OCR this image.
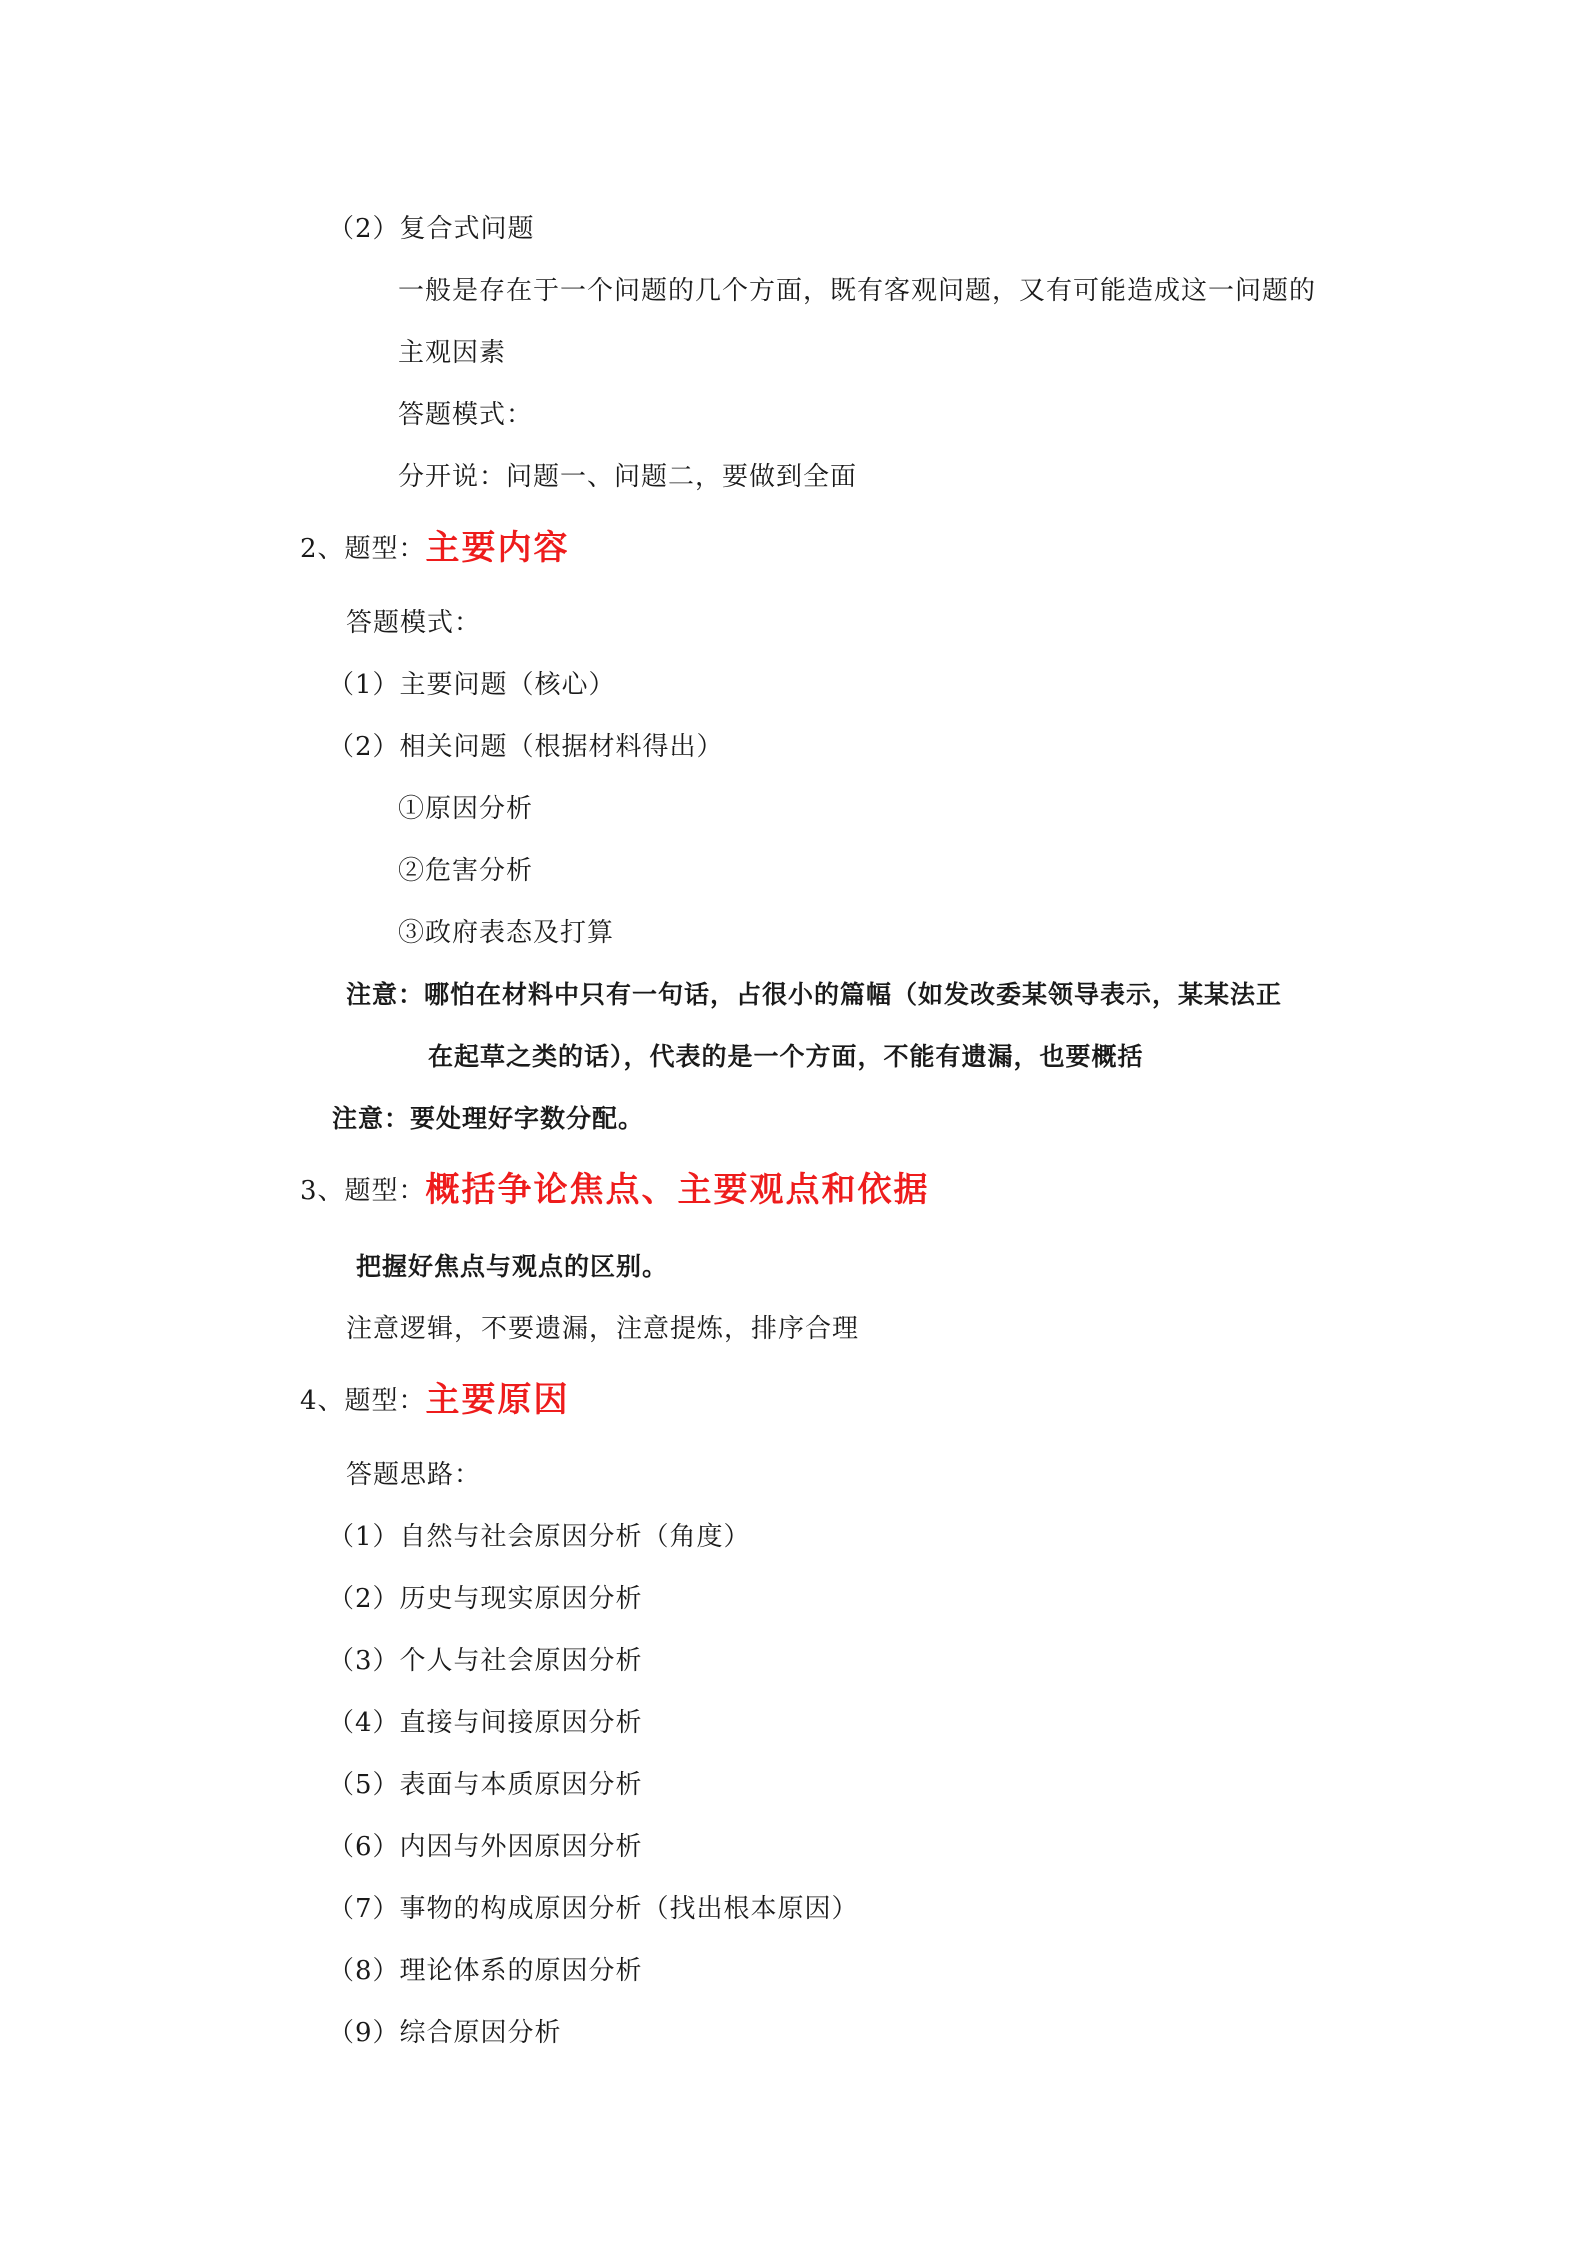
（2）复合式问题
一般是存在于一个问题的几个方面，既有客观问题，又有可能造成这一问题的
主观因素
答题模式：
分开说：问题一、问题二，要做到全面
2、题型：主要内容
答题模式：
（1）主要问题（核心）
（2）相关问题（根据材料得出）
①原因分析
②危害分析
③政府表态及打算
注意：哪怕在材料中只有一句话，占很小的篇幅（如发改委某领导表示，某某法正
在起草之类的话），代表的是一个方面，不能有遗漏，也要概括
注意：要处理好字数分配。
3、题型：概括争论焦点、主要观点和依据
把握好焦点与观点的区别。
注意逻辑，不要遗漏，注意提炼，排序合理
4、题型：主要原因
答题思路：
（1）自然与社会原因分析（角度）
（2）历史与现实原因分析
（3）个人与社会原因分析
（4）直接与间接原因分析
（5）表面与本质原因分析
（6）内因与外因原因分析
（7）事物的构成原因分析（找出根本原因）
（8）理论体系的原因分析
（9）综合原因分析
